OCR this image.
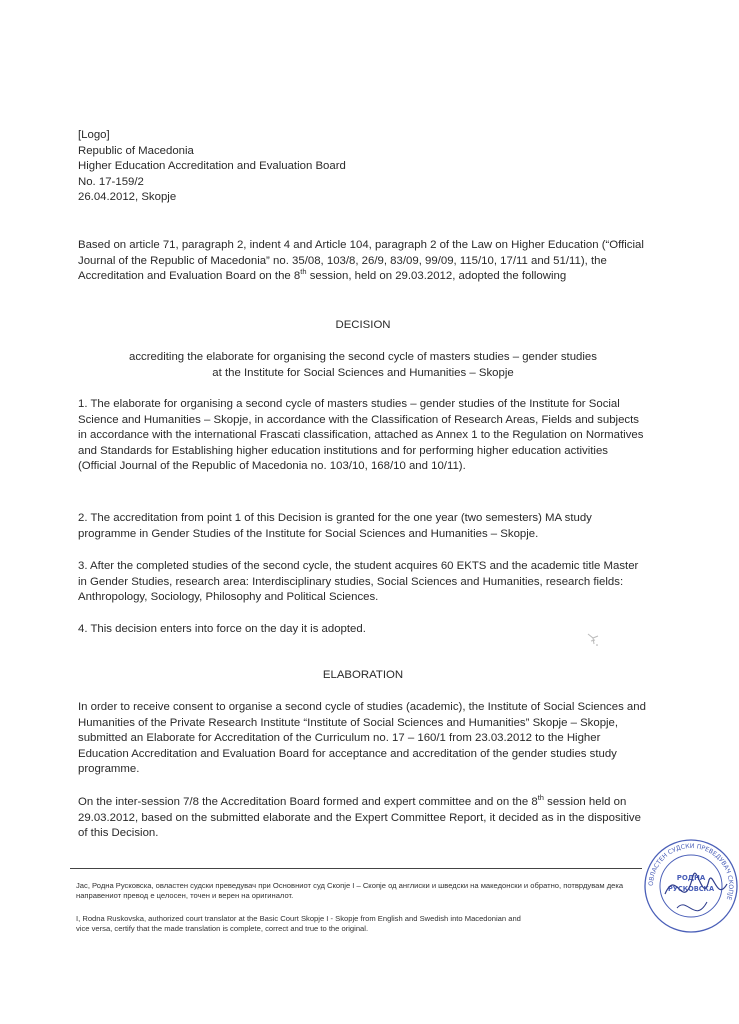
[Logo]
Republic of Macedonia
Higher Education Accreditation and Evaluation Board
No. 17-159/2
26.04.2012, Skopje

Based on article 71, paragraph 2, indent 4 and Article 104, paragraph 2 of the Law on Higher Education (“Official Journal of the Republic of Macedonia” no. 35/08, 103/8, 26/9, 83/09, 99/09, 115/10, 17/11 and 51/11), the Accreditation and Evaluation Board on the 8th session, held on 29.03.2012, adopted the following

DECISION
accrediting the elaborate for organising the second cycle of masters studies – gender studies
at the Institute for Social Sciences and Humanities – Skopje

1. The elaborate for organising a second cycle of masters studies – gender studies of the Institute for Social Science and Humanities – Skopje, in accordance with the Classification of Research Areas, Fields and subjects in accordance with the international Frascati classification, attached as Annex 1 to the Regulation on Normatives and Standards for Establishing higher education institutions and for performing higher education activities (Official Journal of the Republic of Macedonia no. 103/10, 168/10 and 10/11).

2. The accreditation from point 1 of this Decision is granted for the one year (two semesters) MA study programme in Gender Studies of the Institute for Social Sciences and Humanities – Skopje.

3. After the completed studies of the second cycle, the student acquires 60 EKTS and the academic title Master in Gender Studies, research area: Interdisciplinary studies, Social Sciences and Humanities, research fields: Anthropology, Sociology, Philosophy and Political Sciences.

4. This decision enters into force on the day it is adopted.

ELABORATION

In order to receive consent to organise a second cycle of studies (academic), the Institute of Social Sciences and Humanities of the Private Research Institute “Institute of Social Sciences and Humanities” Skopje – Skopje, submitted an Elaborate for Accreditation of the Curriculum no. 17 – 160/1 from 23.03.2012 to the Higher Education Accreditation and Evaluation Board for acceptance and accreditation of the gender studies study programme.

On the inter-session 7/8 the Accreditation Board formed and expert committee and on the 8th session held on 29.03.2012, based on the submitted elaborate and the Expert Committee Report, it decided as in the dispositive of this Decision.

Јас, Родна Русковска, овластен судски преведувач при Основниот суд Скопје I – Скопје од англиски и шведски на македонски и обратно, потврдувам дека направениот превод е целосен, точен и верен на оригиналот.
I, Rodna Ruskovska, authorized court translator at the Basic Court Skopje I - Skopje from English and Swedish into Macedonian and vice versa, certify that the made translation is complete, correct and true to the original.
ОВЛАСТЕН СУДСКИ ПРЕВЕДУВАЧ СКОПЈЕ
РОДНА
РУСКОВСКА
